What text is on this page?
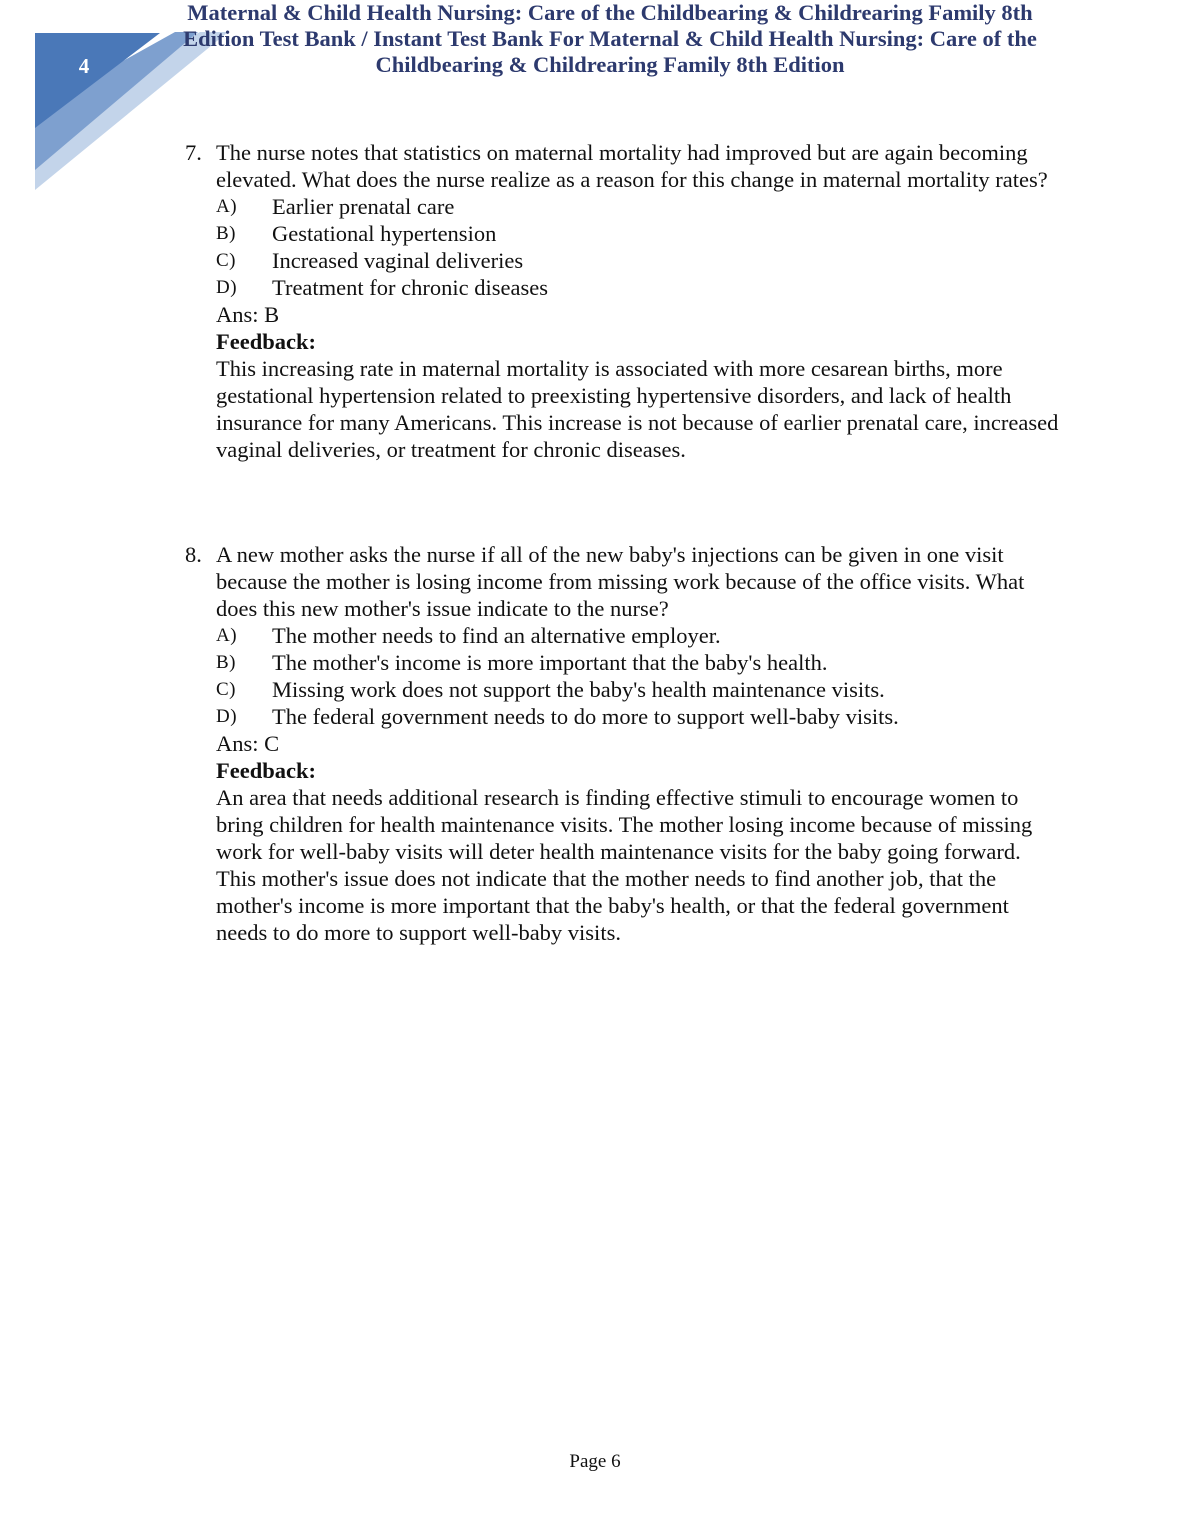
4
Maternal & Child Health Nursing: Care of the Childbearing & Childrearing Family 8th Edition Test Bank / Instant Test Bank For Maternal & Child Health Nursing: Care of the Childbearing & Childrearing Family 8th Edition
7. The nurse notes that statistics on maternal mortality had improved but are again becoming elevated. What does the nurse realize as a reason for this change in maternal mortality rates?

A) Earlier prenatal care
B) Gestational hypertension
C) Increased vaginal deliveries
D) Treatment for chronic diseases

Ans: B

Feedback:

This increasing rate in maternal mortality is associated with more cesarean births, more gestational hypertension related to preexisting hypertensive disorders, and lack of health insurance for many Americans. This increase is not because of earlier prenatal care, increased vaginal deliveries, or treatment for chronic diseases.

8. A new mother asks the nurse if all of the new baby's injections can be given in one visit because the mother is losing income from missing work because of the office visits. What does this new mother's issue indicate to the nurse?

A) The mother needs to find an alternative employer.
B) The mother's income is more important that the baby's health.
C) Missing work does not support the baby's health maintenance visits.
D) The federal government needs to do more to support well-baby visits.

Ans: C

Feedback:

An area that needs additional research is finding effective stimuli to encourage women to bring children for health maintenance visits. The mother losing income because of missing work for well-baby visits will deter health maintenance visits for the baby going forward. This mother's issue does not indicate that the mother needs to find another job, that the mother's income is more important that the baby's health, or that the federal government needs to do more to support well-baby visits.

Page 6
